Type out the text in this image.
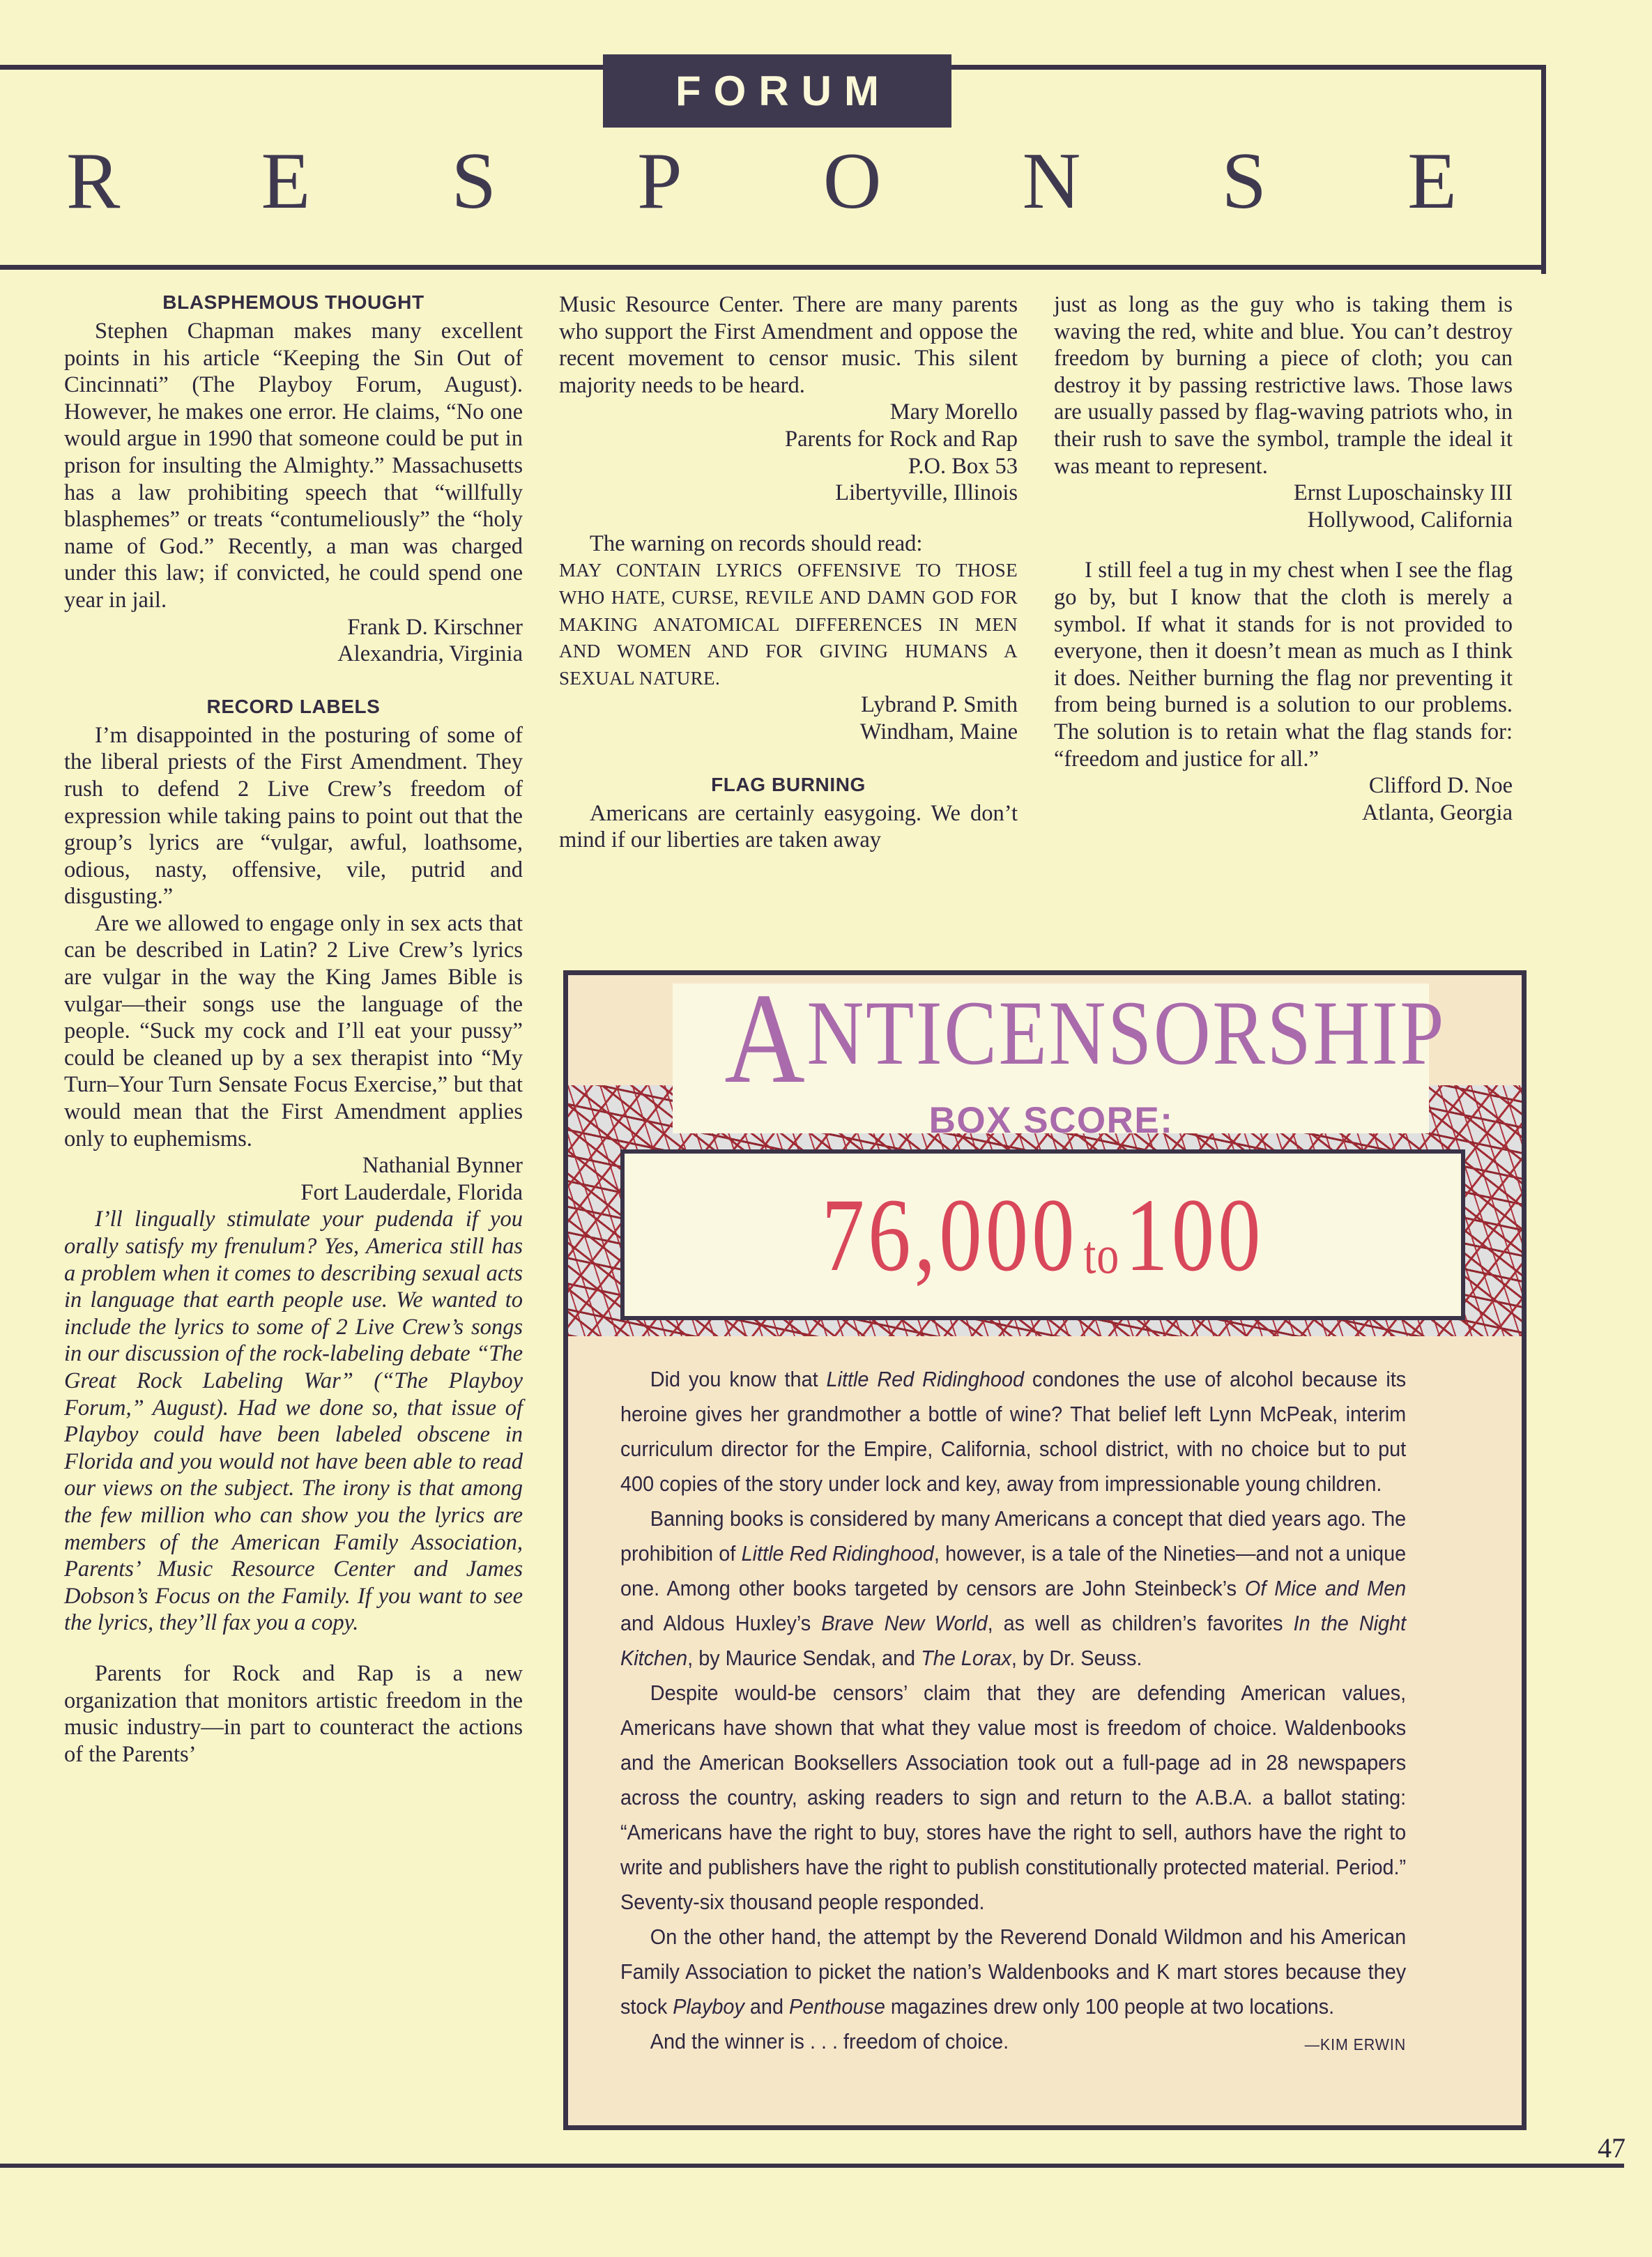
FORUM
R E S P O N S E
BLASPHEMOUS THOUGHT

Stephen Chapman makes many excellent points in his article “Keeping the Sin Out of Cincinnati” (The Playboy Forum, August). However, he makes one error. He claims, “No one would argue in 1990 that someone could be put in prison for insulting the Almighty.” Massachusetts has a law prohibiting speech that “willfully blasphemes” or treats “contumeliously” the “holy name of God.” Recently, a man was charged under this law; if convicted, he could spend one year in jail.

Frank D. Kirschner

Alexandria, Virginia

RECORD LABELS

I’m disappointed in the posturing of some of the liberal priests of the First Amendment. They rush to defend 2 Live Crew’s freedom of expression while taking pains to point out that the group’s lyrics are “vulgar, awful, loathsome, odious, nasty, offensive, vile, putrid and disgusting.”

Are we allowed to engage only in sex acts that can be described in Latin? 2 Live Crew’s lyrics are vulgar in the way the King James Bible is vulgar—their songs use the language of the people. “Suck my cock and I’ll eat your pussy” could be cleaned up by a sex therapist into “My Turn–Your Turn Sensate Focus Exercise,” but that would mean that the First Amendment applies only to euphemisms.

Nathanial Bynner

Fort Lauderdale, Florida

I’ll lingually stimulate your pudenda if you orally satisfy my frenulum? Yes, America still has a problem when it comes to describing sexual acts in language that earth people use. We wanted to include the lyrics to some of 2 Live Crew’s songs in our discussion of the rock-labeling debate “The Great Rock Labeling War” (“The Playboy Forum,” August). Had we done so, that issue of Playboy could have been labeled obscene in Florida and you would not have been able to read our views on the subject. The irony is that among the few million who can show you the lyrics are members of the American Family Association, Parents’ Music Resource Center and James Dobson’s Focus on the Family. If you want to see the lyrics, they’ll fax you a copy.

Parents for Rock and Rap is a new organization that monitors artistic freedom in the music industry—in part to counteract the actions of the Parents’

Music Resource Center. There are many parents who support the First Amendment and oppose the recent movement to censor music. This silent majority needs to be heard.

Mary Morello

Parents for Rock and Rap

P.O. Box 53

Libertyville, Illinois

The warning on records should read:

MAY CONTAIN LYRICS OFFENSIVE TO THOSE WHO HATE, CURSE, REVILE AND DAMN GOD FOR MAKING ANATOMICAL DIFFERENCES IN MEN AND WOMEN AND FOR GIVING HUMANS A SEXUAL NATURE.

Lybrand P. Smith

Windham, Maine

FLAG BURNING

Americans are certainly easygoing. We don’t mind if our liberties are taken away

just as long as the guy who is taking them is waving the red, white and blue. You can’t destroy freedom by burning a piece of cloth; you can destroy it by passing restrictive laws. Those laws are usually passed by flag-waving patriots who, in their rush to save the symbol, trample the ideal it was meant to represent.

Ernst Luposchainsky III

Hollywood, California

I still feel a tug in my chest when I see the flag go by, but I know that the cloth is merely a symbol. If what it stands for is not provided to everyone, then it doesn’t mean as much as I think it does. Neither burning the flag nor preventing it from being burned is a solution to our problems. The solution is to retain what the flag stands for: “freedom and justice for all.”

Clifford D. Noe

Atlanta, Georgia

ANTICENSORSHIP
BOX SCORE:
76,000 to100

Did you know that Little Red Ridinghood condones the use of alcohol because its heroine gives her grandmother a bottle of wine? That belief left Lynn McPeak, interim curriculum director for the Empire, California, school district, with no choice but to put 400 copies of the story under lock and key, away from impressionable young children.

Banning books is considered by many Americans a concept that died years ago. The prohibition of Little Red Ridinghood, however, is a tale of the Nineties—and not a unique one. Among other books targeted by censors are John Steinbeck’s Of Mice and Men and Aldous Huxley’s Brave New World, as well as children’s favorites In the Night Kitchen, by Maurice Sendak, and The Lorax, by Dr. Seuss.

Despite would-be censors’ claim that they are defending American values, Americans have shown that what they value most is freedom of choice. Waldenbooks and the American Booksellers Association took out a full-page ad in 28 newspapers across the country, asking readers to sign and return to the A.B.A. a ballot stating: “Americans have the right to buy, stores have the right to sell, authors have the right to write and publishers have the right to publish constitutionally protected material. Period.” Seventy-six thousand people responded.

On the other hand, the attempt by the Reverend Donald Wildmon and his American Family Association to picket the nation’s Waldenbooks and K mart stores because they stock Playboy and Penthouse magazines drew only 100 people at two locations.

And the winner is . . . freedom of choice.	—KIM ERWIN

47
